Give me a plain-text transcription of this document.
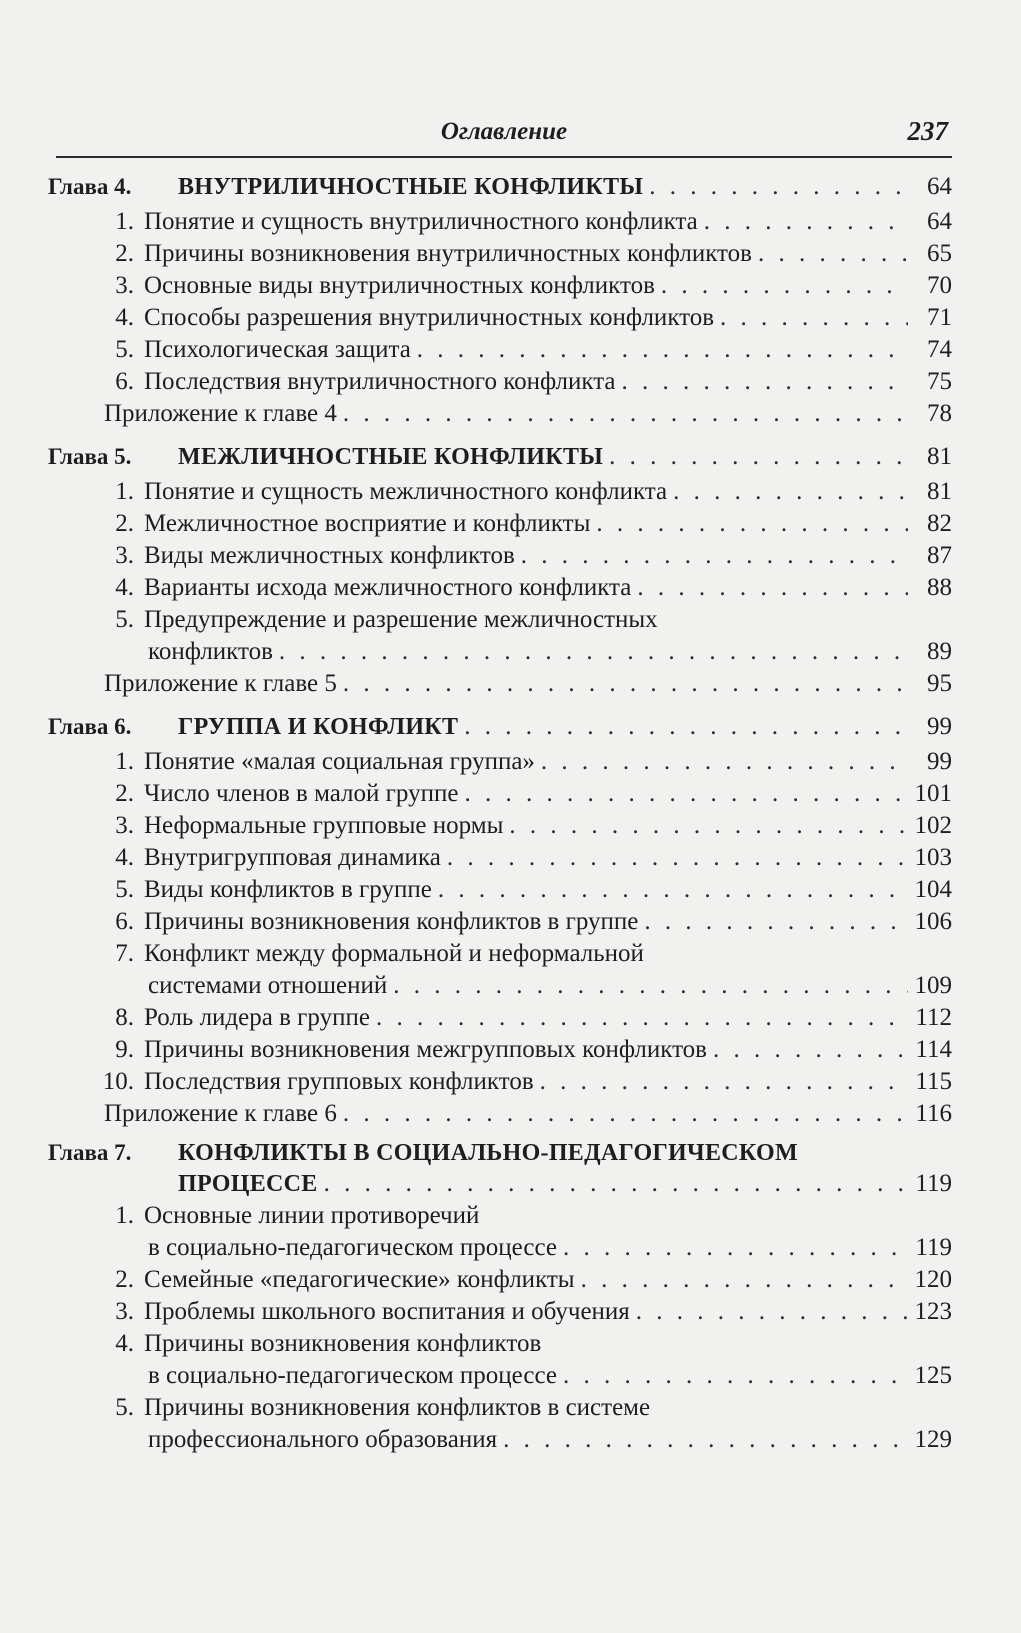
Оглавление	237
Глава 4.	ВНУТРИЛИЧНОСТНЫЕ КОНФЛИКТЫ . . .	64
1. Понятие и сущность внутриличностного конфликта . . .	64
2. Причины возникновения внутриличностных конфликтов . . .	65
3. Основные виды внутриличностных конфликтов . . .	70
4. Способы разрешения внутриличностных конфликтов . . .	71
5. Психологическая защита . . .	74
6. Последствия внутриличностного конфликта . . .	75
Приложение к главе 4 . . .	78
Глава 5.	МЕЖЛИЧНОСТНЫЕ КОНФЛИКТЫ . . .	81
1. Понятие и сущность межличностного конфликта . . .	81
2. Межличностное восприятие и конфликты . . .	82
3. Виды межличностных конфликтов . . .	87
4. Варианты исхода межличностного конфликта . . .	88
5. Предупреждение и разрешение межличностных
конфликтов . . .	89
Приложение к главе 5 . . .	95
Глава 6.	ГРУППА И КОНФЛИКТ . . .	99
1. Понятие «малая социальная группа» . . .	99
2. Число членов в малой группе . . .	101
3. Неформальные групповые нормы . . .	102
4. Внутригрупповая динамика . . .	103
5. Виды конфликтов в группе . . .	104
6. Причины возникновения конфликтов в группе . . .	106
7. Конфликт между формальной и неформальной
системами отношений . . .	109
8. Роль лидера в группе . . .	112
9. Причины возникновения межгрупповых конфликтов . . .	114
10. Последствия групповых конфликтов . . .	115
Приложение к главе 6 . . .	116
Глава 7.	КОНФЛИКТЫ В СОЦИАЛЬНО-ПЕДАГОГИЧЕСКОМ
ПРОЦЕССЕ . . .	119
1. Основные линии противоречий
в социально-педагогическом процессе . . .	119
2. Семейные «педагогические» конфликты . . .	120
3. Проблемы школьного воспитания и обучения . . .	123
4. Причины возникновения конфликтов
в социально-педагогическом процессе . . .	125
5. Причины возникновения конфликтов в системе
профессионального образования . . .	129
